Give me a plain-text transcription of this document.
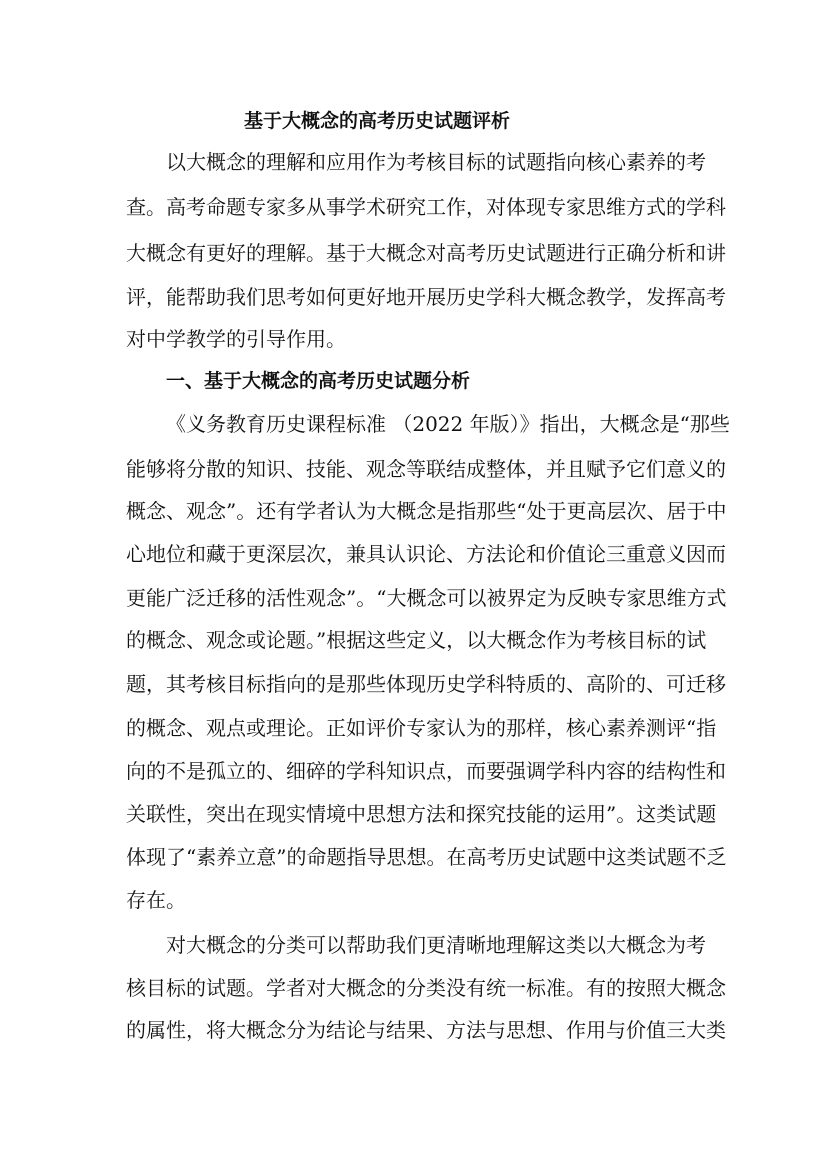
基于大概念的高考历史试题评析
以大概念的理解和应用作为考核目标的试题指向核心素养的考
查。高考命题专家多从事学术研究工作，对体现专家思维方式的学科
大概念有更好的理解。基于大概念对高考历史试题进行正确分析和讲
评，能帮助我们思考如何更好地开展历史学科大概念教学，发挥高考
对中学教学的引导作用。
一、基于大概念的高考历史试题分析
《义务教育历史课程标准 （2022 年版）》指出，大概念是“那些
能够将分散的知识、技能、观念等联结成整体，并且赋予它们意义的
概念、观念”。还有学者认为大概念是指那些“处于更高层次、居于中
心地位和藏于更深层次，兼具认识论、方法论和价值论三重意义因而
更能广泛迁移的活性观念”。“大概念可以被界定为反映专家思维方式
的概念、观念或论题。”根据这些定义，以大概念作为考核目标的试
题，其考核目标指向的是那些体现历史学科特质的、高阶的、可迁移
的概念、观点或理论。正如评价专家认为的那样，核心素养测评“指
向的不是孤立的、细碎的学科知识点，而要强调学科内容的结构性和
关联性，突出在现实情境中思想方法和探究技能的运用”。这类试题
体现了“素养立意”的命题指导思想。在高考历史试题中这类试题不乏
存在。
对大概念的分类可以帮助我们更清晰地理解这类以大概念为考
核目标的试题。学者对大概念的分类没有统一标准。有的按照大概念
的属性，将大概念分为结论与结果、方法与思想、作用与价值三大类
